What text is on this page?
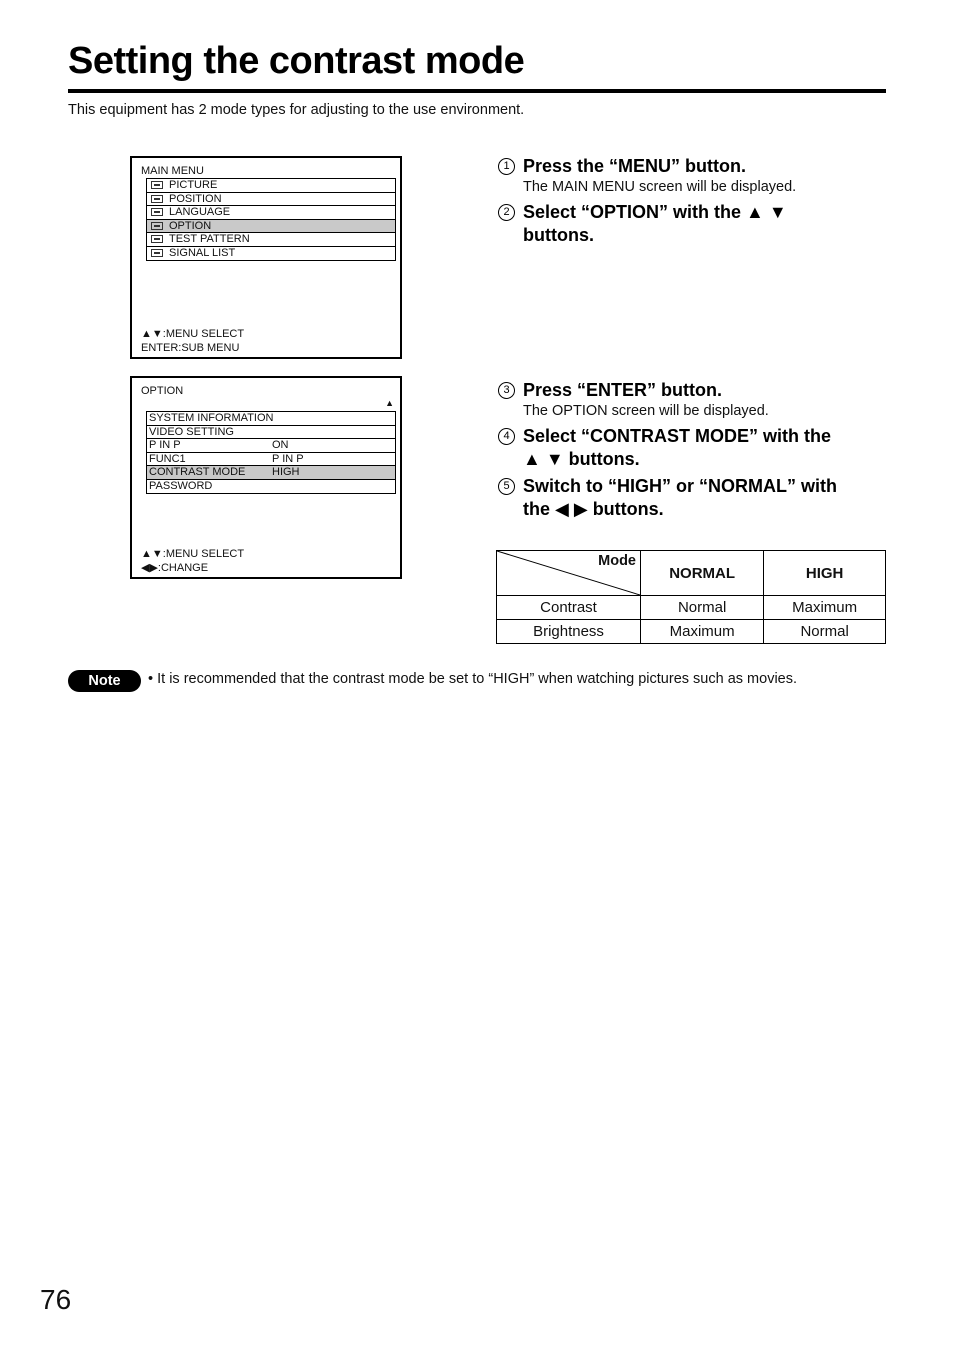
Setting the contrast mode
This equipment has 2 mode types for adjusting to the use environment.
MAIN MENU
PICTURE
POSITION
LANGUAGE
OPTION
TEST PATTERN
SIGNAL LIST
▲▼:MENU SELECT
ENTER:SUB MENU
OPTION
▲
SYSTEM INFORMATION
VIDEO SETTING
P IN P	ON
FUNC1	P IN P
CONTRAST MODE HIGH
PASSWORD
▲▼:MENU SELECT
◀▶:CHANGE
1 Press the “MENU” button.
The MAIN MENU screen will be displayed.
2 Select “OPTION” with the ▲ ▼
buttons.
3 Press “ENTER” button.
The OPTION screen will be displayed.
4 Select “CONTRAST MODE” with the
▲ ▼ buttons.
5 Switch to “HIGH” or “NORMAL” with
the ◀ ▶ buttons.
Mode	NORMAL	HIGH
Contrast	Normal	Maximum
Brightness	Maximum	Normal
Note	• It is recommended that the contrast mode be set to “HIGH” when watching pictures such as movies.
76
